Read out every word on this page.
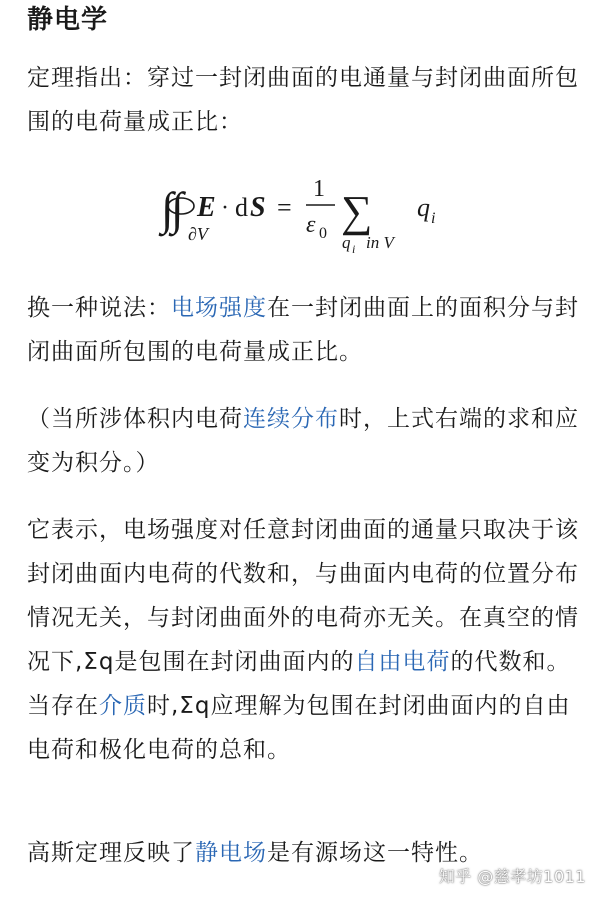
静电学
定理指出：穿过一封闭曲面的电通量与封闭曲面所包围的电荷量成正比：
∫
∫ ∂V
E · d S =
1
ε 0 ∑
q i in V
q i
换一种说法：电场强度在一封闭曲面上的面积分与封闭曲面所包围的电荷量成正比。
（当所涉体积内电荷连续分布时，上式右端的求和应变为积分。）
它表示，电场强度对任意封闭曲面的通量只取决于该封闭曲面内电荷的代数和，与曲面内电荷的位置分布情况无关，与封闭曲面外的电荷亦无关。在真空的情况下,Σq是包围在封闭曲面内的自由电荷的代数和。当存在介质时,Σq应理解为包围在封闭曲面内的自由电荷和极化电荷的总和。
高斯定理反映了静电场是有源场这一特性。
知乎 @慈孝坊1011
